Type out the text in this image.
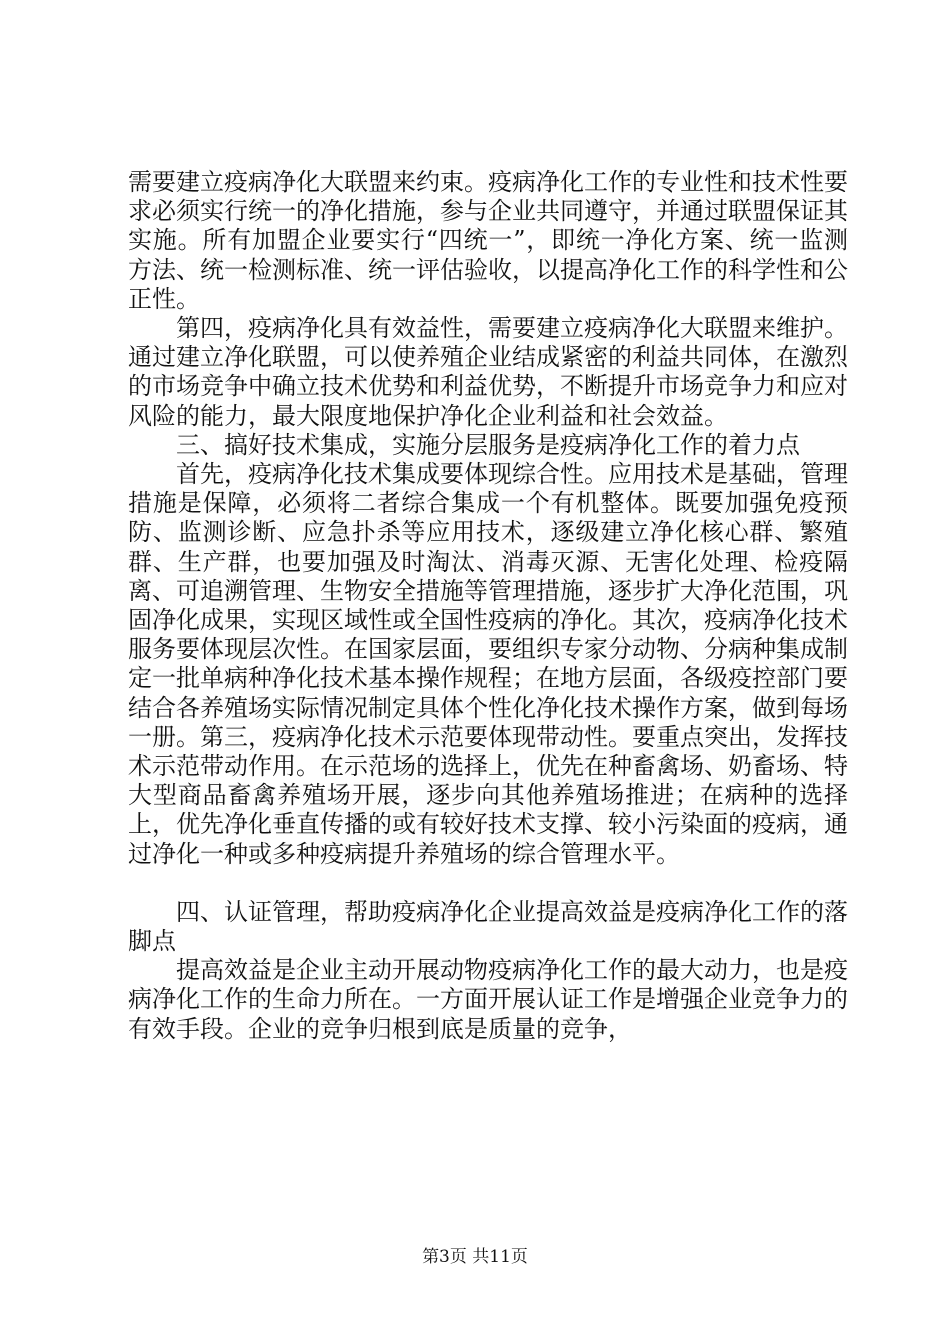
需要建立疫病净化大联盟来约束。疫病净化工作的专业性和技术性要求必须实行统一的净化措施，参与企业共同遵守，并通过联盟保证其实施。所有加盟企业要实行“四统一”，即统一净化方案、统一监测方法、统一检测标准、统一评估验收，以提高净化工作的科学性和公正性。

第四，疫病净化具有效益性，需要建立疫病净化大联盟来维护。通过建立净化联盟，可以使养殖企业结成紧密的利益共同体，在激烈的市场竞争中确立技术优势和利益优势，不断提升市场竞争力和应对风险的能力，最大限度地保护净化企业利益和社会效益。

三、搞好技术集成，实施分层服务是疫病净化工作的着力点

首先，疫病净化技术集成要体现综合性。应用技术是基础，管理措施是保障，必须将二者综合集成一个有机整体。既要加强免疫预防、监测诊断、应急扑杀等应用技术，逐级建立净化核心群、繁殖群、生产群，也要加强及时淘汰、消毒灭源、无害化处理、检疫隔离、可追溯管理、生物安全措施等管理措施，逐步扩大净化范围，巩固净化成果，实现区域性或全国性疫病的净化。其次，疫病净化技术服务要体现层次性。在国家层面，要组织专家分动物、分病种集成制定一批单病种净化技术基本操作规程；在地方层面，各级疫控部门要结合各养殖场实际情况制定具体个性化净化技术操作方案，做到每场一册。第三，疫病净化技术示范要体现带动性。要重点突出，发挥技术示范带动作用。在示范场的选择上，优先在种畜禽场、奶畜场、特大型商品畜禽养殖场开展，逐步向其他养殖场推进；在病种的选择上，优先净化垂直传播的或有较好技术支撑、较小污染面的疫病，通过净化一种或多种疫病提升养殖场的综合管理水平。

四、认证管理，帮助疫病净化企业提高效益是疫病净化工作的落脚点

提高效益是企业主动开展动物疫病净化工作的最大动力，也是疫病净化工作的生命力所在。一方面开展认证工作是增强企业竞争力的有效手段。企业的竞争归根到底是质量的竞争，

第3页 共11页
